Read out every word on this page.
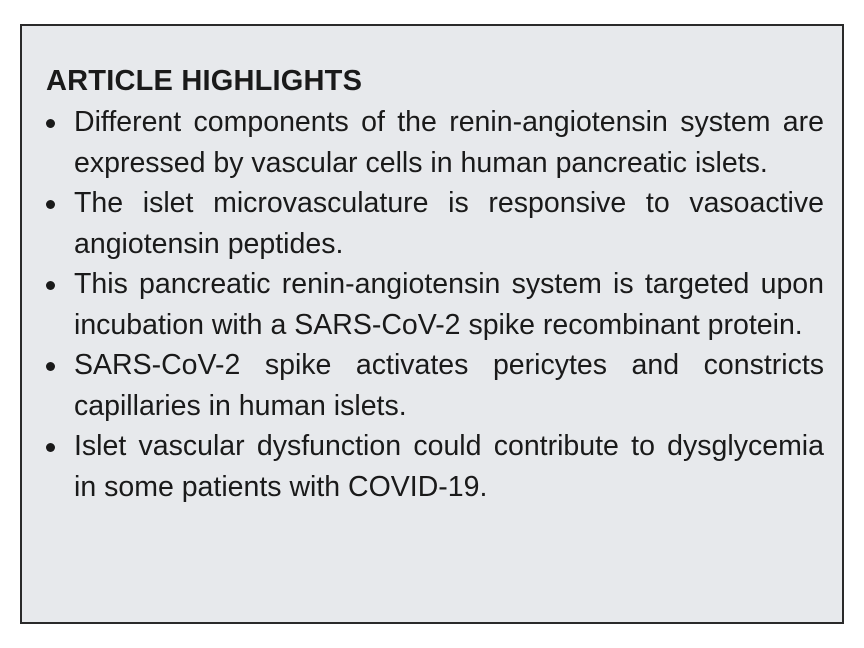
ARTICLE HIGHLIGHTS
Different components of the renin-angiotensin system are expressed by vascular cells in human pancreatic islets.
The islet microvasculature is responsive to vasoactive angiotensin peptides.
This pancreatic renin-angiotensin system is targeted upon incubation with a SARS-CoV-2 spike recombinant protein.
SARS-CoV-2 spike activates pericytes and constricts capillaries in human islets.
Islet vascular dysfunction could contribute to dysglycemia in some patients with COVID-19.
